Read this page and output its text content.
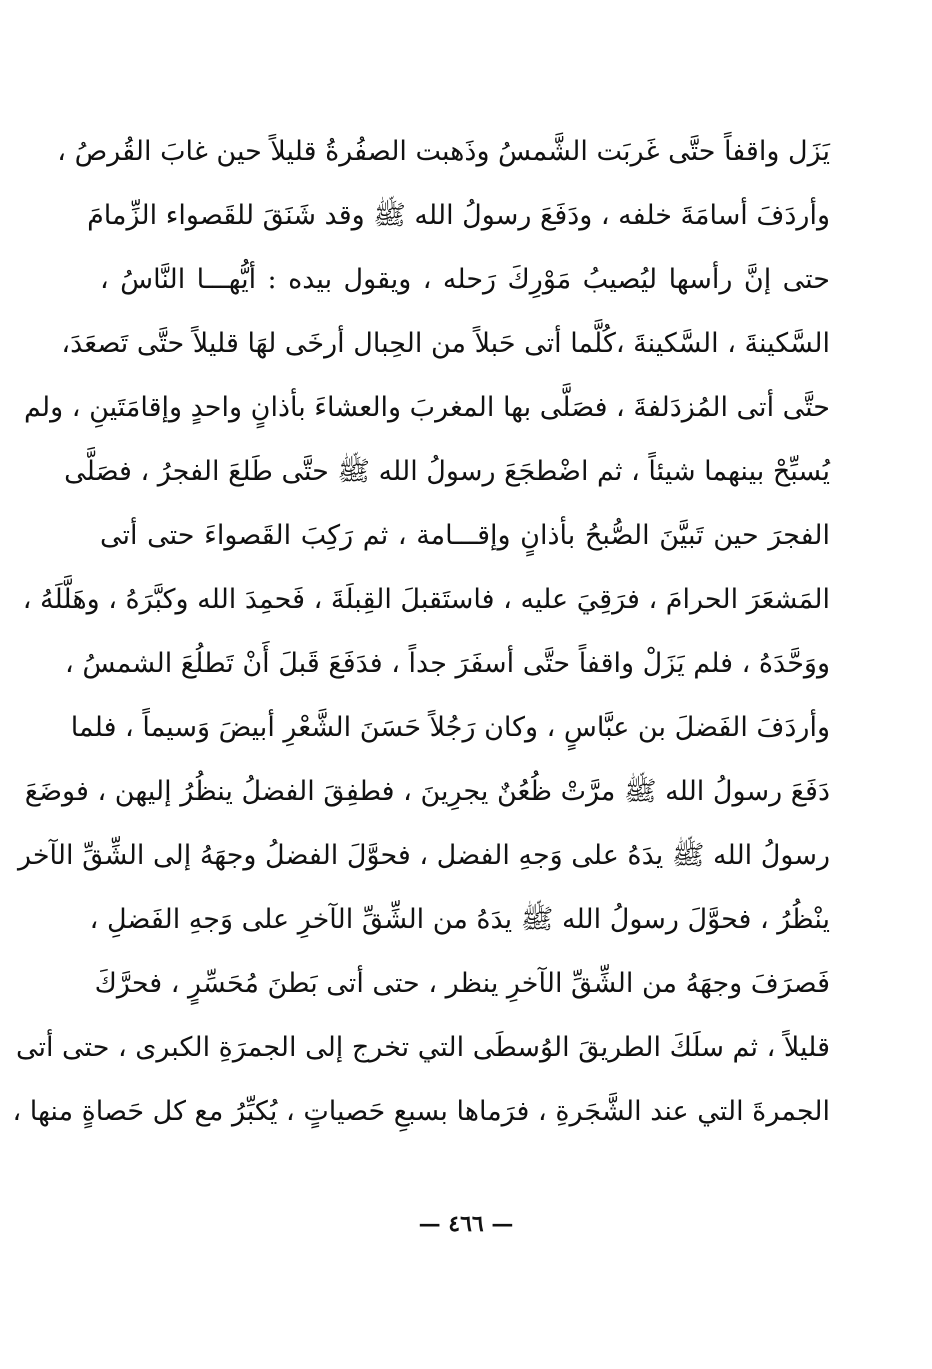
يَزَل واقفاً حتَّى غَربَت الشَّمسُ وذَهبت الصفُرةُ قليلاً حين غابَ القُرصُ ،
وأردَفَ أسامَةَ خلفه ، ودَفَعَ رسولُ الله ﷺ وقد شَنَقَ للقَصواء الزِّمامَ
حتى إنَّ رأسها ليُصيبُ مَوْرِكَ رَحله ، ويقول بيده : أيُّهـــا النَّاسُ ،
السَّكينةَ ، السَّكينةَ ،كُلَّما أتى حَبلاً من الحِبال أرخَى لهَا قليلاً حتَّى تَصعَدَ،
حتَّى أتى المُزدَلفةَ ، فصَلَّى بها المغربَ والعشاءَ بأذانٍ واحدٍ وإقامَتَينِ ، ولم
يُسبِّحْ بينهما شيئاً ، ثم اضْطجَعَ رسولُ الله ﷺ حتَّى طَلعَ الفجرُ ، فصَلَّى
الفجرَ حين تَبيَّنَ الصُّبحُ بأذانٍ وإقـــامة ، ثم رَكِبَ القَصواءَ حتى أتى
المَشعَرَ الحرامَ ، فرَقِيَ عليه ، فاستَقبلَ القِبلَةَ ، فَحمِدَ الله وكبَّرَهُ ، وهَلَّلَهُ ،
ووَحَّدَهُ ، فلم يَزَلْ واقفاً حتَّى أسفَرَ جداً ، فدَفَعَ قَبلَ أَنْ تَطلُعَ الشمسُ ،
وأردَفَ الفَضلَ بن عبَّاسٍ ، وكان رَجُلاً حَسَنَ الشَّعْرِ أبيضَ وَسيماً ، فلما
دَفَعَ رسولُ الله ﷺ مرَّتْ ظُعُنٌ يجرِينَ ، فطفِقَ الفضلُ ينظُرُ إليهن ، فوضَعَ
رسولُ الله ﷺ يدَهُ على وَجهِ الفضل ، فحوَّلَ الفضلُ وجهَهُ إلى الشِّقِّ الآخر
ينْظُرُ ، فحوَّلَ رسولُ الله ﷺ يدَهُ من الشِّقِّ الآخرِ على وَجهِ الفَضلِ ،
فَصرَفَ وجهَهُ من الشِّقِّ الآخرِ ينظر ، حتى أتى بَطنَ مُحَسِّرٍ ، فحرَّكَ
قليلاً ، ثم سلَكَ الطريقَ الوُسطَى التي تخرج إلى الجمرَةِ الكبرى ، حتى أتى
الجمرةَ التي عند الشَّجَرةِ ، فرَماها بسبعِ حَصياتٍ ، يُكبِّرُ مع كل حَصاةٍ منها ،
— ٤٦٦ —
